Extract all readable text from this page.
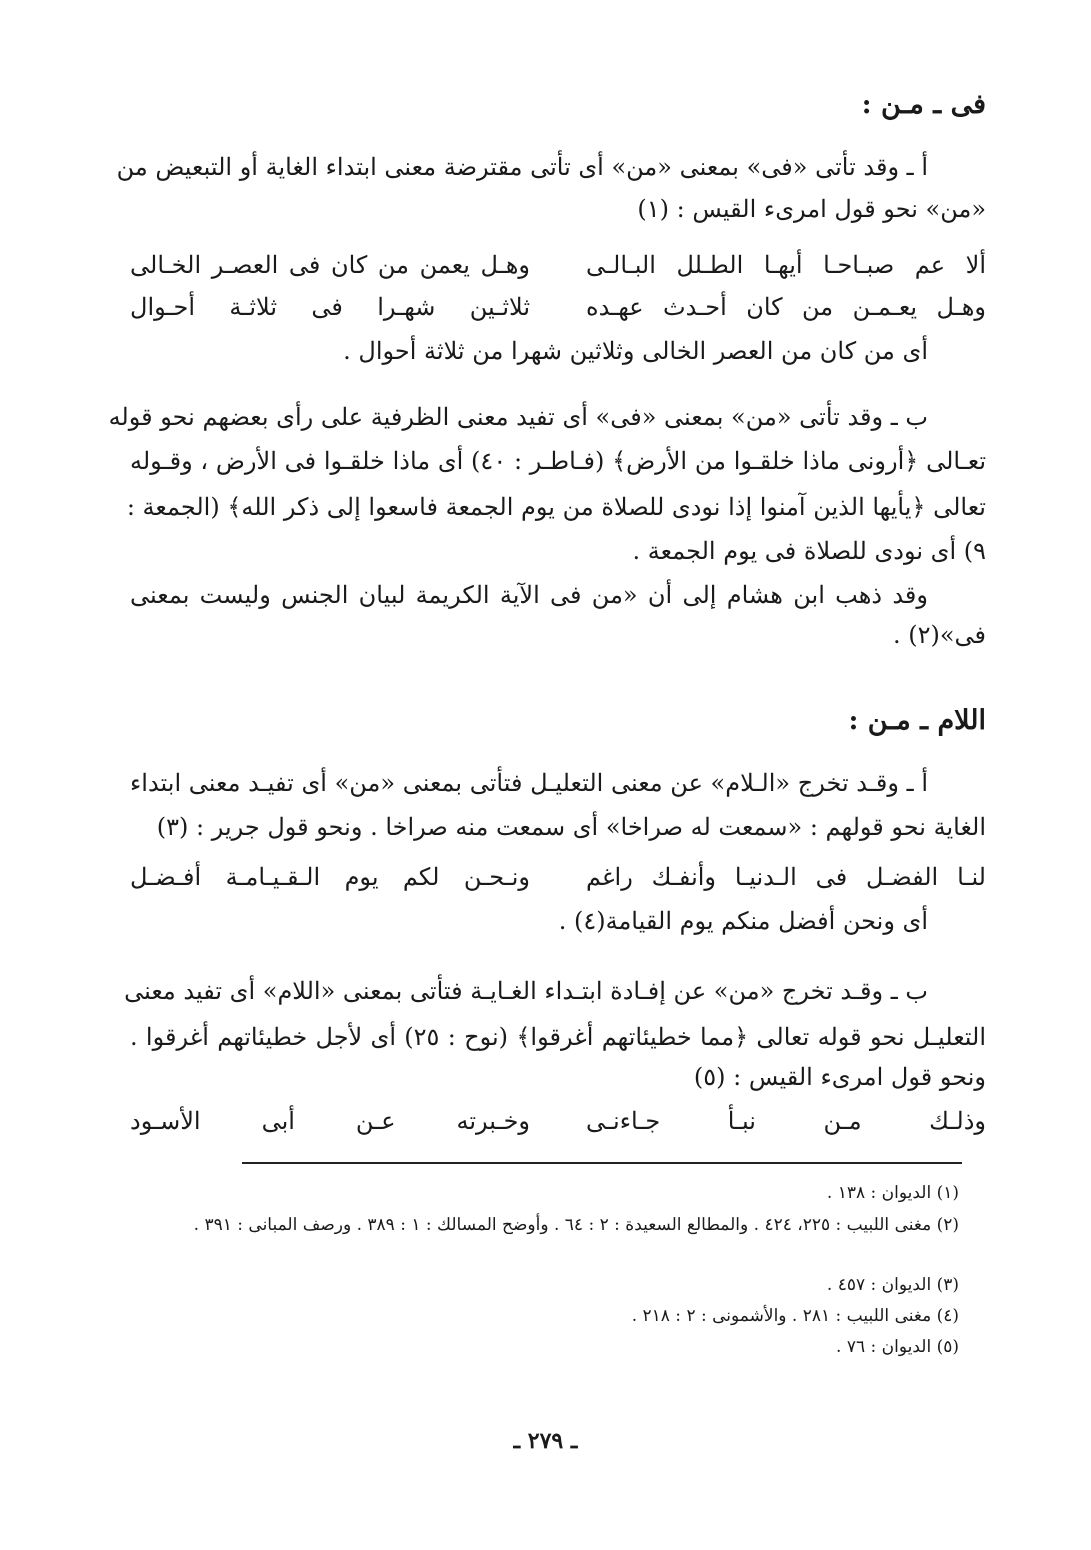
فى ـ مـن :
أ ـ وقد تأتى «فى» بمعنى «من» أى تأتى مقترضة معنى ابتداء الغاية أو التبعيض من
«من» نحو قول امرىء القيس : (١)
ألا عم صبـاحـا أيهـا الطـلل البـالـى
وهـل يعمن من كان فى العصـر الخـالى
وهـل يعـمـن من كان أحـدث عهـده
ثلاثـين شهـرا فى ثلاثـة أحـوال
أى من كان من العصر الخالى وثلاثين شهرا من ثلاثة أحوال .
ب ـ وقد تأتى «من» بمعنى «فى» أى تفيد معنى الظرفية على رأى بعضهم نحو قوله
تعـالى ﴿أرونى ماذا خلقـوا من الأرض﴾ (فـاطـر : ٤٠) أى ماذا خلقـوا فى الأرض ، وقـوله
تعالى ﴿يأيها الذين آمنوا إذا نودى للصلاة من يوم الجمعة فاسعوا إلى ذكر الله﴾ (الجمعة :
٩) أى نودى للصلاة فى يوم الجمعة .
وقد ذهب ابن هشام إلى أن «من فى الآية الكريمة لبيان الجنس وليست بمعنى
فى»(٢) .
اللام ـ مـن :
أ ـ وقـد تخرج «الـلام» عن معنى التعليـل فتأتى بمعنى «من» أى تفيـد معنى ابتداء
الغاية نحو قولهم : «سمعت له صراخا» أى سمعت منه صراخا . ونحو قول جرير : (٣)
لنـا الفضـل فى الـدنيـا وأنفـك راغم
ونـحـن لكم يوم الـقـيـامـة أفـضـل
أى ونحن أفضل منكم يوم القيامة(٤) .
ب ـ وقـد تخرج «من» عن إفـادة ابتـداء الغـايـة فتأتى بمعنى «اللام» أى تفيد معنى
التعليـل نحو قوله تعالى ﴿مما خطيئاتهم أغرقوا﴾ (نوح : ٢٥) أى لأجل خطيئاتهم أغرقوا .
ونحو قول امرىء القيس : (٥)
وذلـك مـن نبـأ جـاءنـى
وخـبرته عـن أبى الأسـود
(١) الديوان : ١٣٨ .
(٢) مغنى اللبيب : ٢٢٥، ٤٢٤ . والمطالع السعيدة : ٢ : ٦٤ . وأوضح المسالك : ١ : ٣٨٩ . ورصف المبانى : ٣٩١ .
(٣) الديوان : ٤٥٧ .
(٤) مغنى اللبيب : ٢٨١ . والأشمونى : ٢ : ٢١٨ .
(٥) الديوان : ٧٦ .
ـ ٢٧٩ ـ
